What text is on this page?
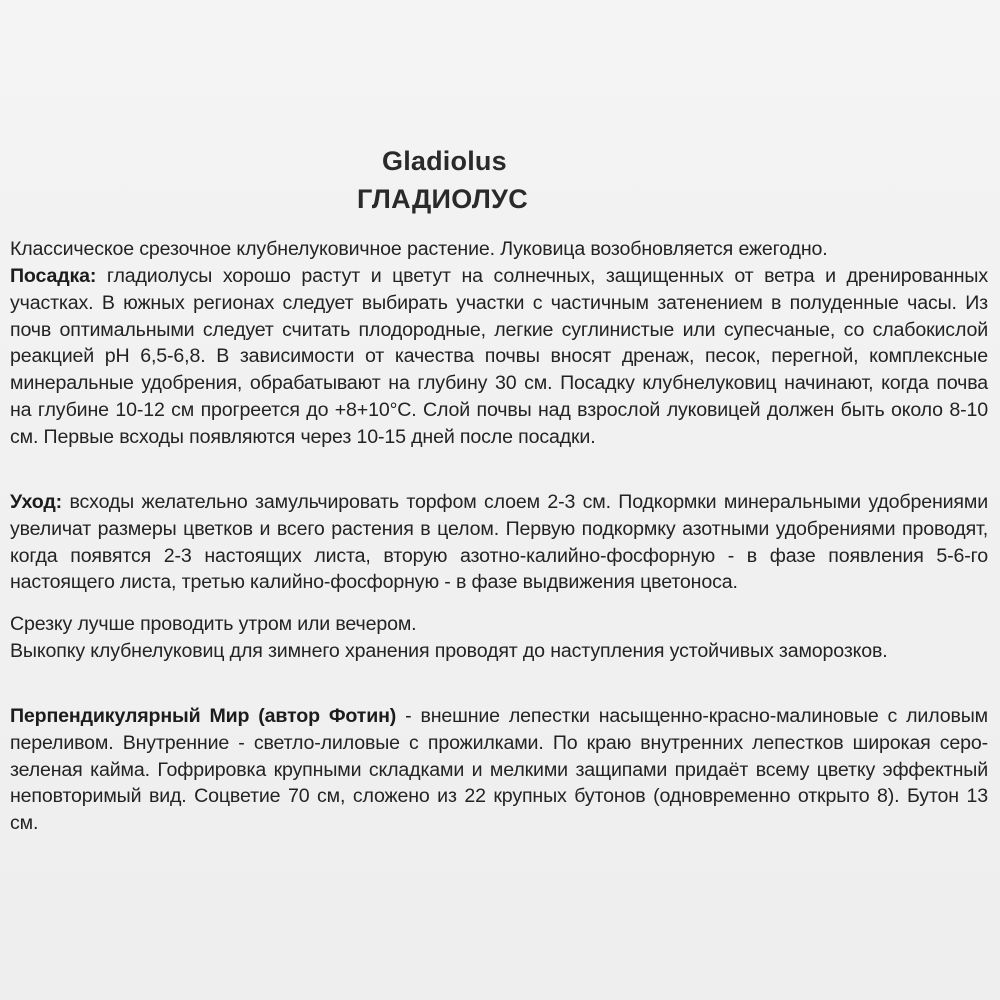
Gladiolus
ГЛАДИОЛУС
Классическое срезочное клубнелуковичное растение. Луковица возобновляется ежегодно.
Посадка: гладиолусы хорошо растут и цветут на солнечных, защищенных от ветра и дренированных участках. В южных регионах следует выбирать участки с частичным затенением в полуденные часы. Из почв оптимальными следует считать плодородные, легкие суглинистые или супесчаные, со слабокислой реакцией pH 6,5-6,8. В зависимости от качества почвы вносят дренаж, песок, перегной, комплексные минеральные удобрения, обрабатывают на глубину 30 см. Посадку клубнелуковиц начинают, когда почва на глубине 10-12 см прогреется до +8+10°С. Слой почвы над взрослой луковицей должен быть около 8-10 см. Первые всходы появляются через 10-15 дней после посадки.
Уход: всходы желательно замульчировать торфом слоем 2-3 см. Подкормки минеральными удобрениями увеличат размеры цветков и всего растения в целом. Первую подкормку азотными удобрениями проводят, когда появятся 2-3 настоящих листа, вторую азотно-калийно-фосфорную - в фазе появления 5-6-го настоящего листа, третью калийно-фосфорную - в фазе выдвижения цветоноса.
Срезку лучше проводить утром или вечером.
Выкопку клубнелуковиц для зимнего хранения проводят до наступления устойчивых заморозков.
Перпендикулярный Мир (автор Фотин) - внешние лепестки насыщенно-красно-малиновые с лиловым переливом. Внутренние - светло-лиловые с прожилками. По краю внутренних лепестков широкая серо-зеленая кайма. Гофрировка крупными складками и мелкими защипами придаёт всему цветку эффектный неповторимый вид. Соцветие 70 см, сложено из 22 крупных бутонов (одновременно открыто 8). Бутон 13 см.
